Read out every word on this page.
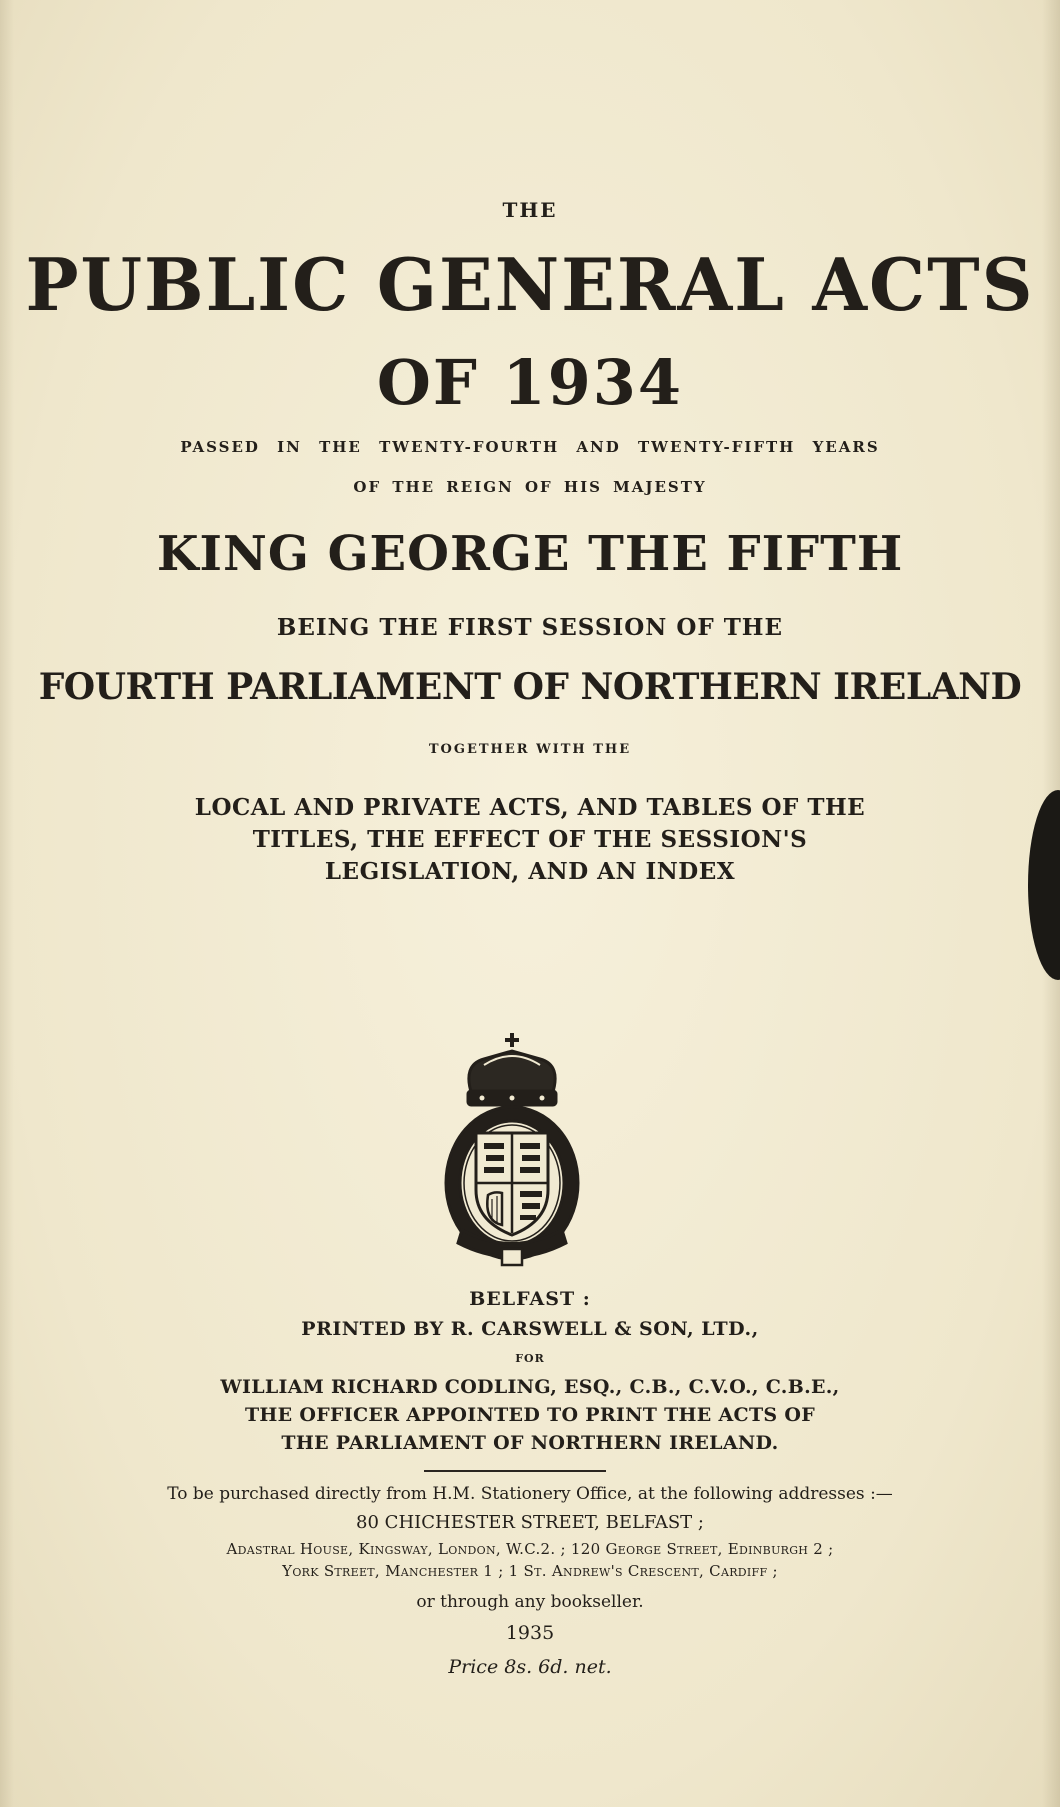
THE
PUBLIC GENERAL ACTS
OF 1934
PASSED IN THE TWENTY-FOURTH AND TWENTY-FIFTH YEARS
OF THE REIGN OF HIS MAJESTY
KING GEORGE THE FIFTH
BEING THE FIRST SESSION OF THE
FOURTH PARLIAMENT OF NORTHERN IRELAND
TOGETHER WITH THE
LOCAL AND PRIVATE ACTS, AND TABLES OF THE
TITLES, THE EFFECT OF THE SESSION'S
LEGISLATION, AND AN INDEX
BELFAST :
PRINTED BY R. CARSWELL & SON, LTD.,
FOR
WILLIAM RICHARD CODLING, ESQ., C.B., C.V.O., C.B.E.,
THE OFFICER APPOINTED TO PRINT THE ACTS OF
THE PARLIAMENT OF NORTHERN IRELAND.
To be purchased directly from H.M. Stationery Office, at the following addresses :—
80 CHICHESTER STREET, BELFAST ;
Adastral House, Kingsway, London, W.C.2. ; 120 George Street, Edinburgh 2 ;
York Street, Manchester 1 ; 1 St. Andrew's Crescent, Cardiff ;
or through any bookseller.
1935
Price 8s. 6d. net.
